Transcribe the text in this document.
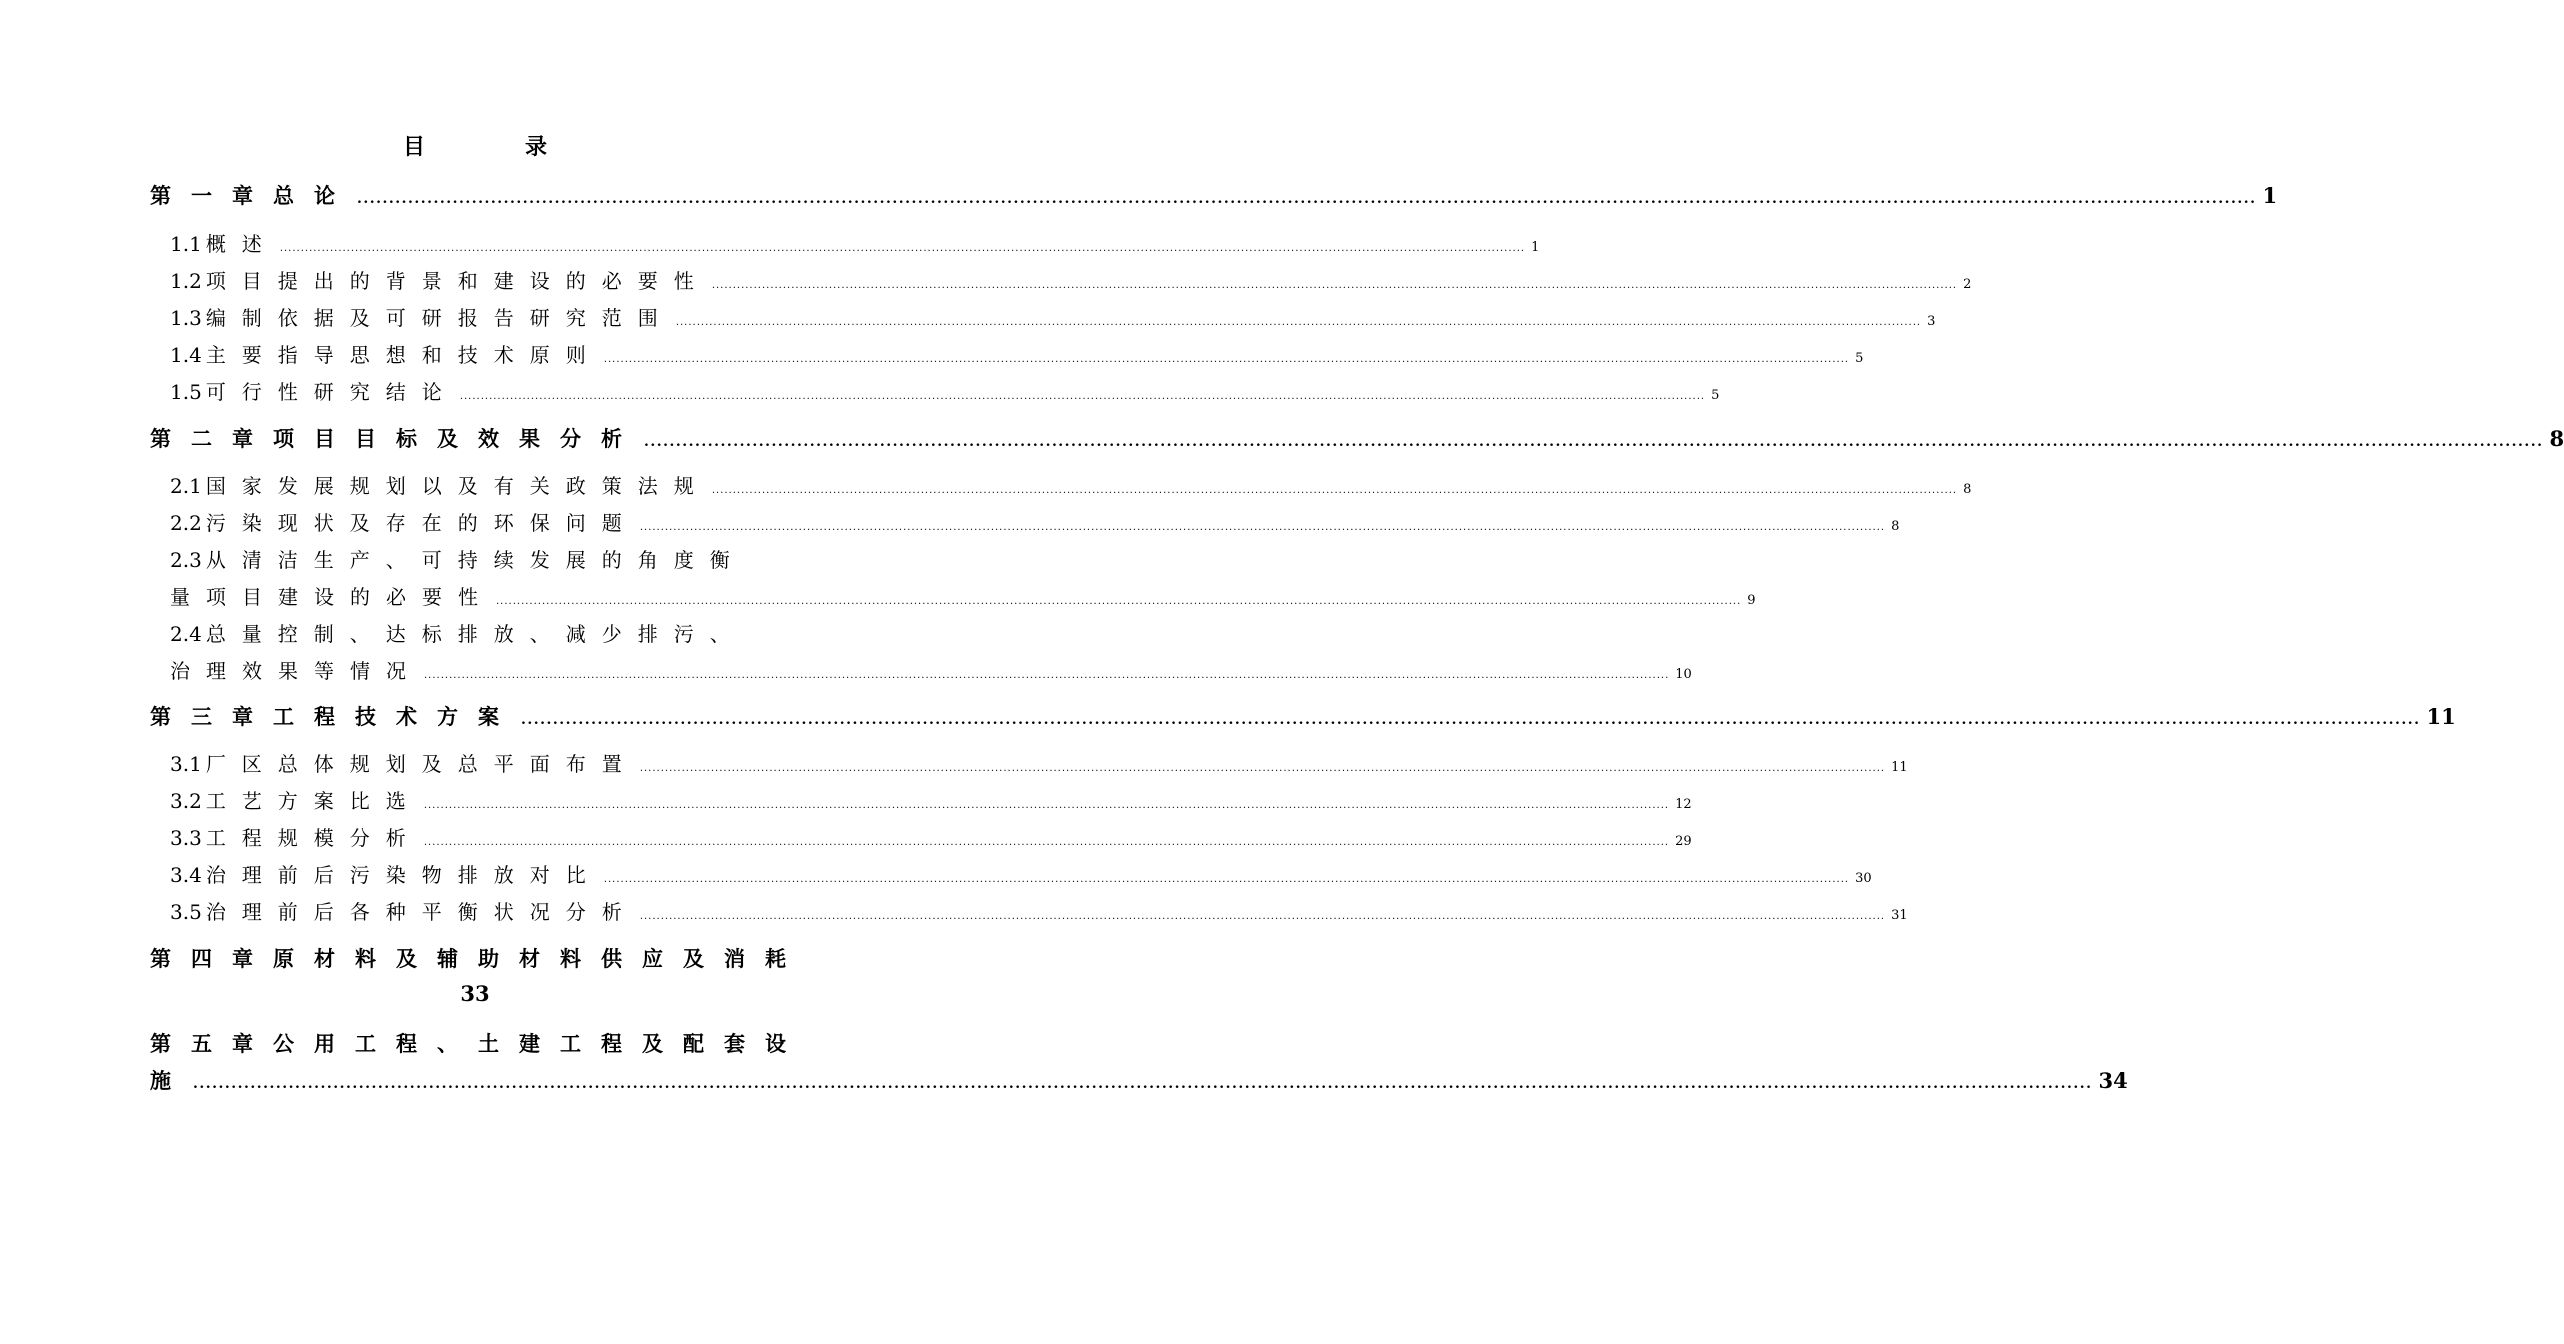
目录
第一章 总论 .......................................................................................................................................................................................................................................................................................................... 1
1.1 概述 .......................................................................................................................................................................................................................................................................................................... 1
1.2 项目提出的背景和建设的必要性 .......................................................................................................................................................................................................................................................................................................... 2
1.3 编制依据及可研报告研究范围 .......................................................................................................................................................................................................................................................................................................... 3
1.4 主要指导思想和技术原则 .......................................................................................................................................................................................................................................................................................................... 5
1.5 可行性研究结论 .......................................................................................................................................................................................................................................................................................................... 5
第二章 项目目标及效果分析 .......................................................................................................................................................................................................................................................................................................... 8
2.1 国家发展规划以及有关政策法规 .......................................................................................................................................................................................................................................................................................................... 8
2.2 污染现状及存在的环保问题 .......................................................................................................................................................................................................................................................................................................... 8
2.3 从清洁生产、可持续发展的角度衡
量项目建设的必要性 .......................................................................................................................................................................................................................................................................................................... 9
2.4 总量控制、达标排放、减少排污、
治理效果等情况 .......................................................................................................................................................................................................................................................................................................... 10
第三章 工程技术方案 .......................................................................................................................................................................................................................................................................................................... 11
3.1 厂区总体规划及总平面布置 .......................................................................................................................................................................................................................................................................................................... 11
3.2 工艺方案比选 .......................................................................................................................................................................................................................................................................................................... 12
3.3 工程规模分析 .......................................................................................................................................................................................................................................................................................................... 29
3.4 治理前后污染物排放对比 .......................................................................................................................................................................................................................................................................................................... 30
3.5 治理前后各种平衡状况分析 .......................................................................................................................................................................................................................................................................................................... 31
第四章 原材料及辅助材料供应及消耗
33
第五章 公用工程、土建工程及配套设
施 .......................................................................................................................................................................................................................................................................................................... 34
